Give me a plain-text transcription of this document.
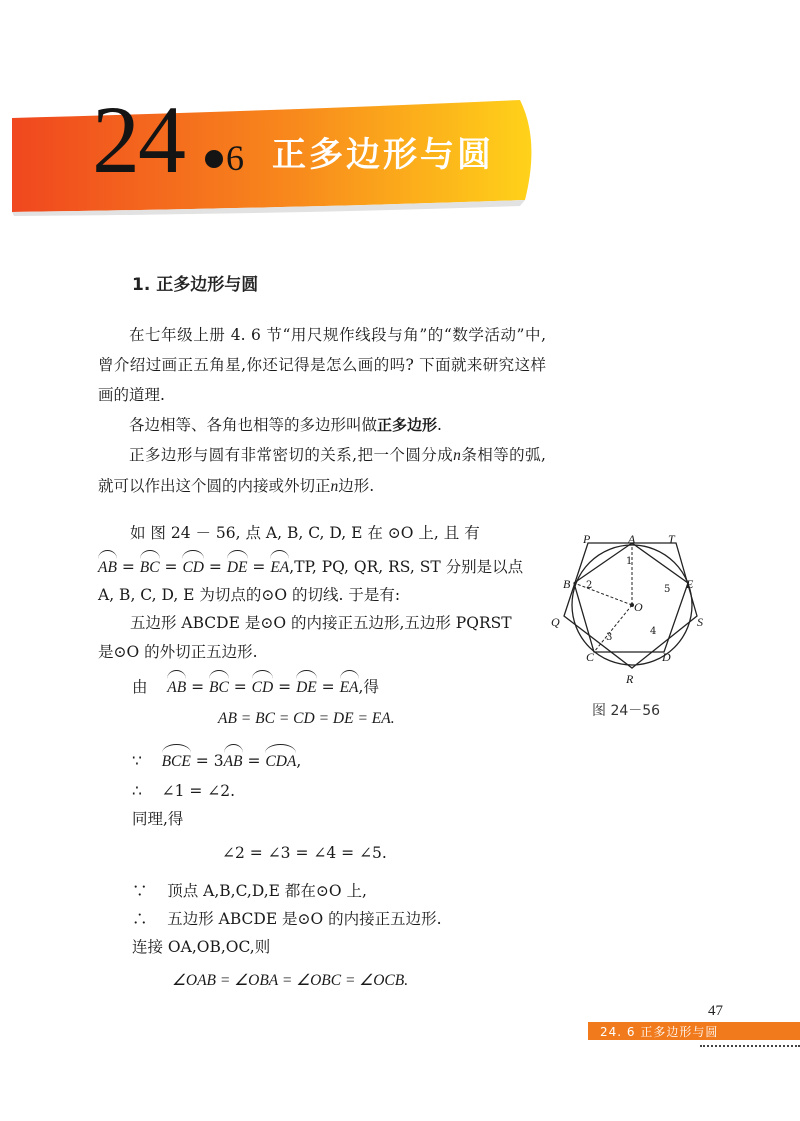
24 6 正多边形与圆
1. 正多边形与圆
在七年级上册 4. 6 节“用尺规作线段与角”的“数学活动”中,曾介绍过画正五角星,你还记得是怎么画的吗? 下面就来研究这样画的道理.
各边相等、各角也相等的多边形叫做正多边形.
正多边形与圆有非常密切的关系,把一个圆分成n条相等的弧,就可以作出这个圆的内接或外切正n边形.
如 图 24 － 56, 点 A, B, C, D, E 在 ⊙O 上, 且 有
AB = BC = CD = DE = EA,TP, PQ, QR, RS, ST 分别是以点
A, B, C, D, E 为切点的⊙O 的切线. 于是有:
五边形 ABCDE 是⊙O 的内接正五边形,五边形 PQRST
是⊙O 的外切正五边形.
由 AB = BC = CD = DE = EA,得
AB = BC = CD = DE = EA.
∵ BCE = 3AB = CDA,
∴ ∠1 = ∠2.
同理,得
∠2 = ∠3 = ∠4 = ∠5.
∵ 顶点 A,B,C,D,E 都在⊙O 上,
∴ 五边形 ABCDE 是⊙O 的内接正五边形.
连接 OA,OB,OC,则
∠OAB = ∠OBA = ∠OBC = ∠OCB.
A
B
C	D
E
P
Q
R
S
T
O
1
2
3
4
5
图 24－56
47
24. 6 正多边形与圆
